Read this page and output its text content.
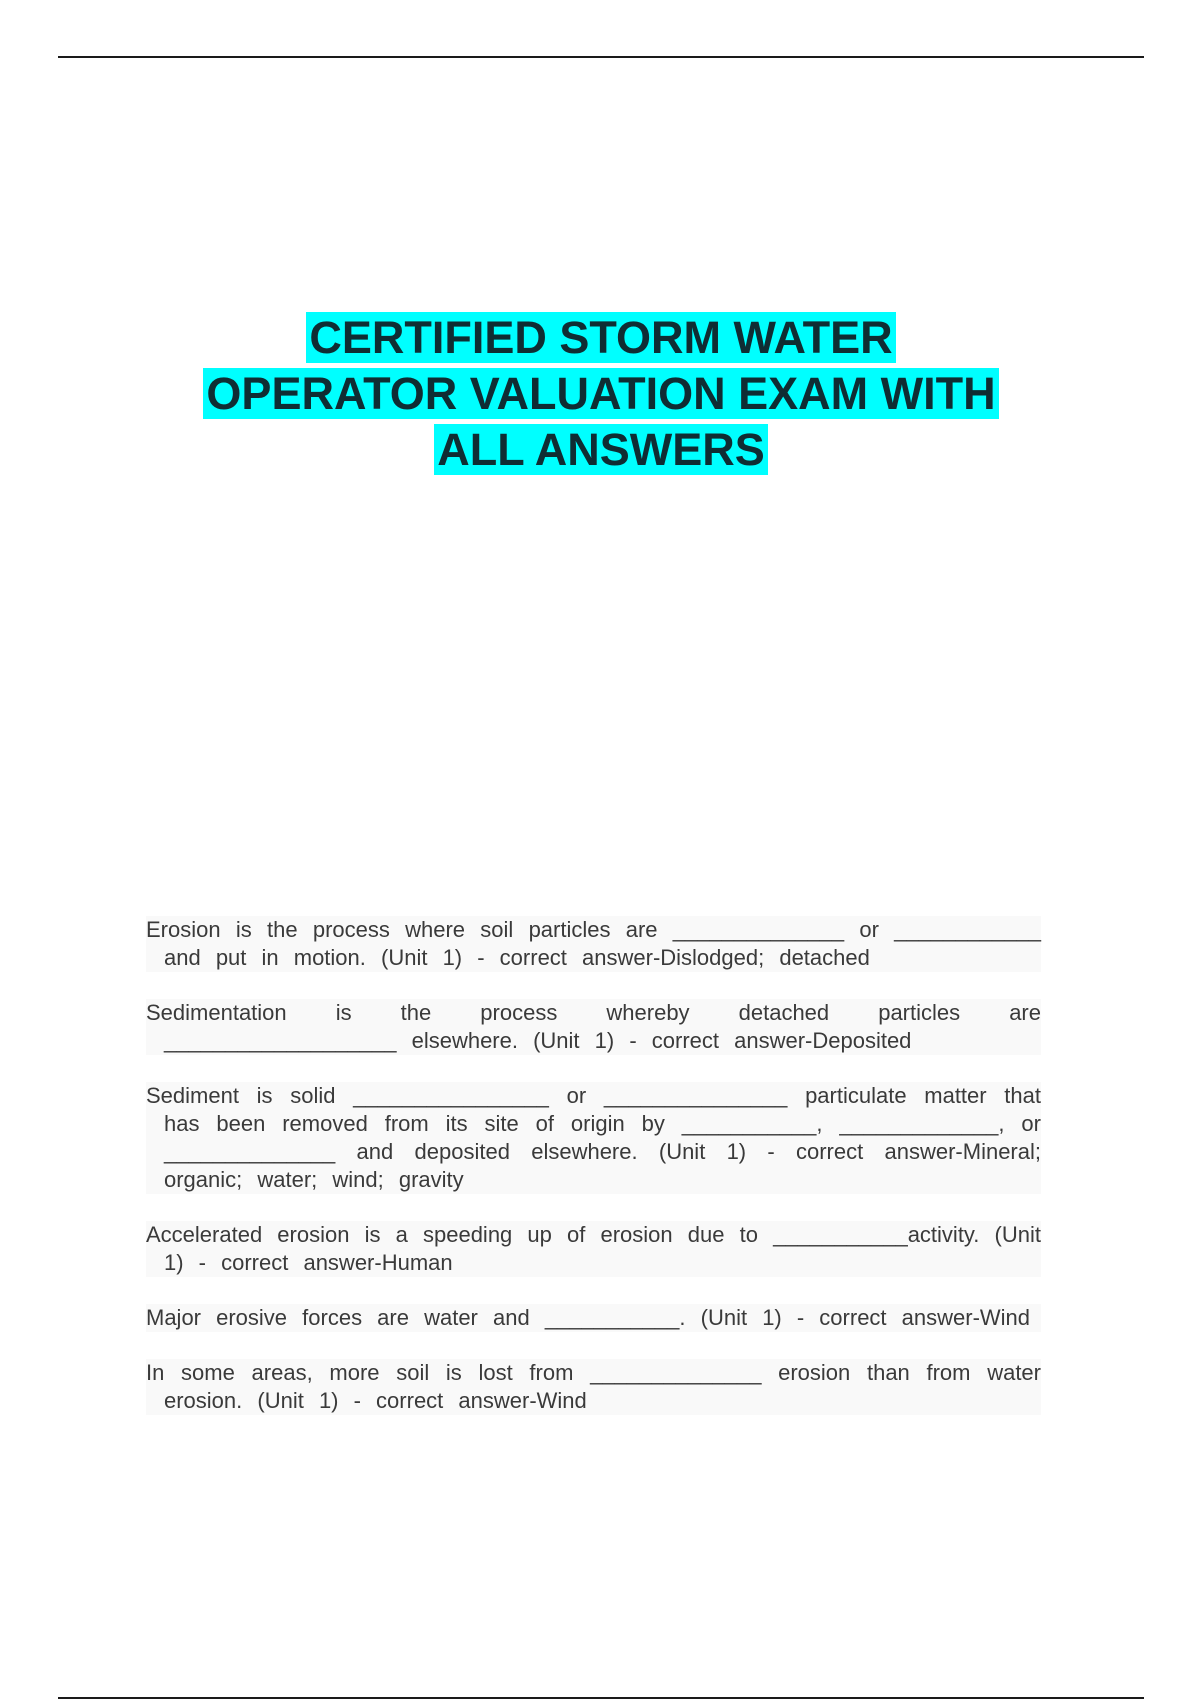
CERTIFIED STORM WATER
OPERATOR VALUATION EXAM WITH
ALL ANSWERS

Erosion is the process where soil particles are ______________ or ____________ and put in motion. (Unit 1) - correct answer-Dislodged; detached

Sedimentation is the process whereby detached particles are ___________________ elsewhere. (Unit 1) - correct answer-Deposited

Sediment is solid ________________ or _______________ particulate matter that has been removed from its site of origin by ___________, _____________, or ______________ and deposited elsewhere. (Unit 1) - correct answer-Mineral; organic; water; wind; gravity

Accelerated erosion is a speeding up of erosion due to ___________activity. (Unit 1) - correct answer-Human

Major erosive forces are water and ___________. (Unit 1) - correct answer-Wind

In some areas, more soil is lost from ______________ erosion than from water erosion. (Unit 1) - correct answer-Wind
